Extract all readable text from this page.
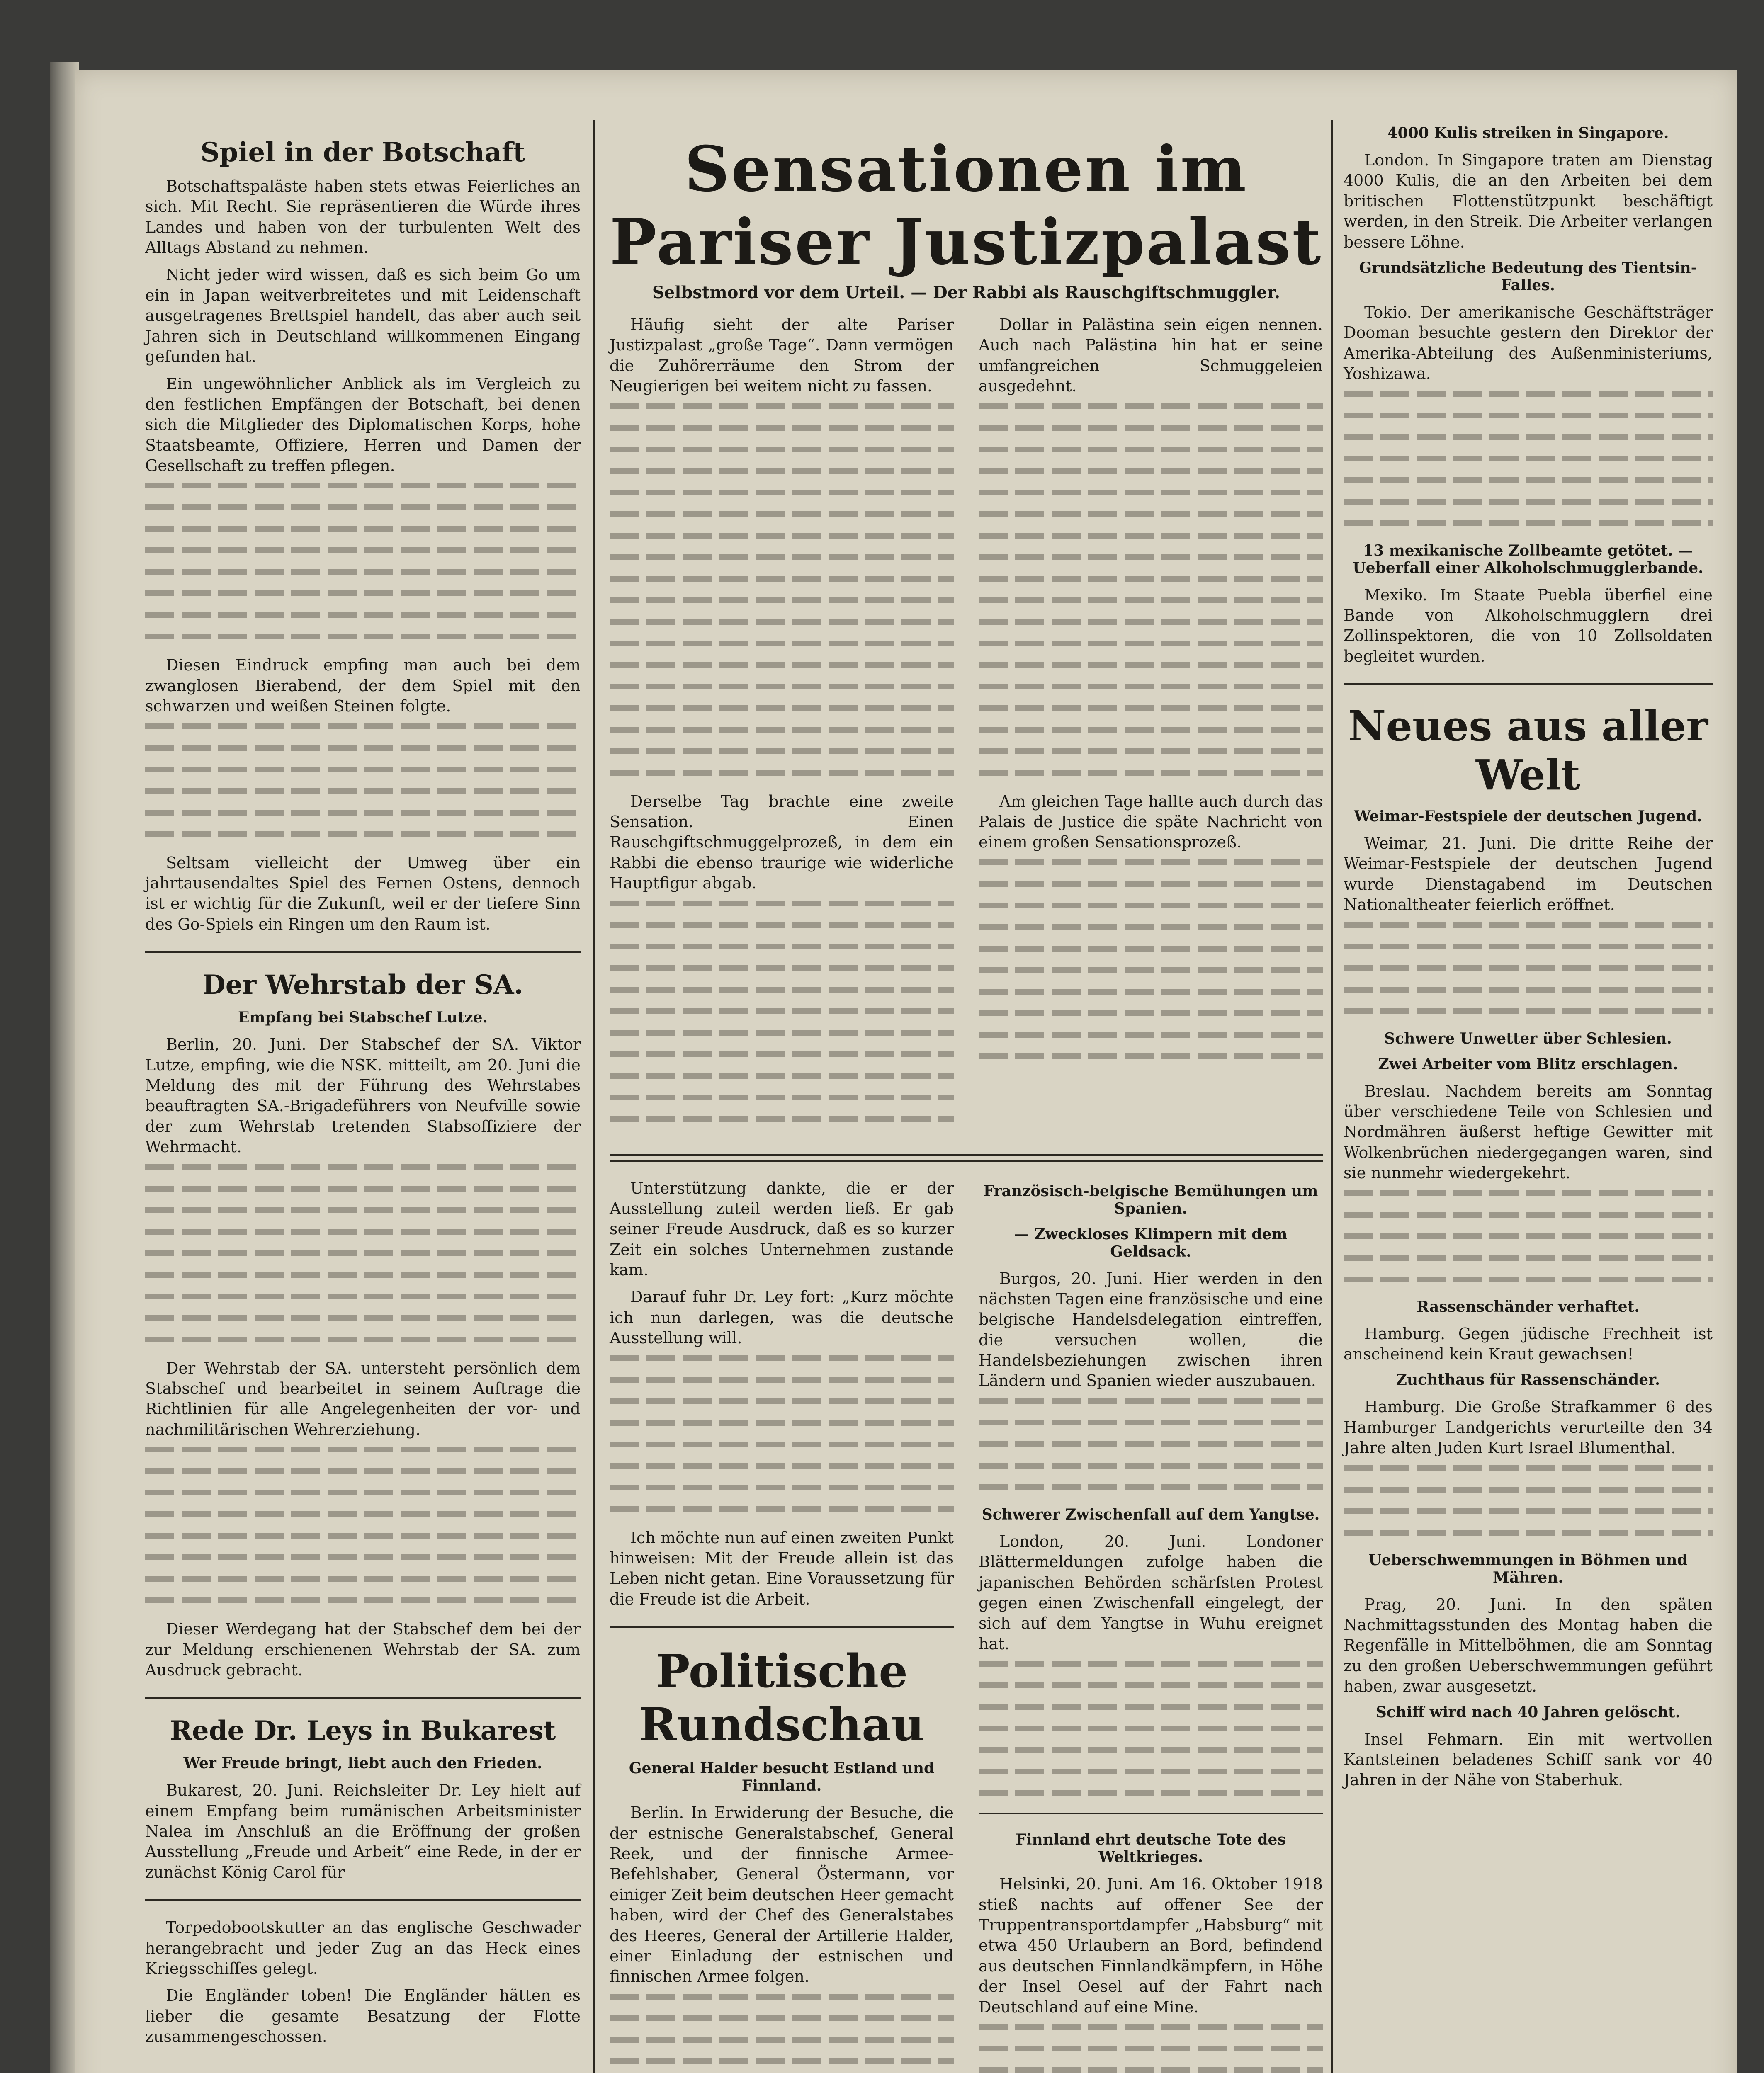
Spiel in der Botschaft

Botschaftspaläste haben stets etwas Feierliches an sich. Mit Recht. Sie repräsentieren die Würde ihres Landes und haben von der turbulenten Welt des Alltags Abstand zu nehmen.

Nicht jeder wird wissen, daß es sich beim Go um ein in Japan weitverbreitetes und mit Leidenschaft ausgetragenes Brettspiel handelt, das aber auch seit Jahren sich in Deutschland willkommenen Eingang gefunden hat.

Ein ungewöhnlicher Anblick als im Vergleich zu den festlichen Empfängen der Botschaft, bei denen sich die Mitglieder des Diplomatischen Korps, hohe Staatsbeamte, Offiziere, Herren und Damen der Gesellschaft zu treffen pflegen.

Diesen Eindruck empfing man auch bei dem zwanglosen Bierabend, der dem Spiel mit den schwarzen und weißen Steinen folgte.

Seltsam vielleicht der Umweg über ein jahrtausendaltes Spiel des Fernen Ostens, dennoch ist er wichtig für die Zukunft, weil er der tiefere Sinn des Go-Spiels ein Ringen um den Raum ist.

Der Wehrstab der SA.
Empfang bei Stabschef Lutze.

Berlin, 20. Juni. Der Stabschef der SA. Viktor Lutze, empfing, wie die NSK. mitteilt, am 20. Juni die Meldung des mit der Führung des Wehrstabes beauftragten SA.-Brigadeführers von Neufville sowie der zum Wehrstab tretenden Stabsoffiziere der Wehrmacht.

Der Wehrstab der SA. untersteht persönlich dem Stabschef und bearbeitet in seinem Auftrage die Richtlinien für alle Angelegenheiten der vor- und nachmilitärischen Wehrerziehung.

Dieser Werdegang hat der Stabschef dem bei der zur Meldung erschienenen Wehrstab der SA. zum Ausdruck gebracht.

Rede Dr. Leys in Bukarest
Wer Freude bringt, liebt auch den Frieden.

Bukarest, 20. Juni. Reichsleiter Dr. Ley hielt auf einem Empfang beim rumänischen Arbeitsminister Nalea im Anschluß an die Eröffnung der großen Ausstellung „Freude und Arbeit“ eine Rede, in der er zunächst König Carol für

Torpedobootskutter an das englische Geschwader herangebracht und jeder Zug an das Heck eines Kriegsschiffes gelegt.

Die Engländer toben! Die Engländer hätten es lieber die gesamte Besatzung der Flotte zusammengeschossen.

Sensationen im Pariser Justizpalast
Selbstmord vor dem Urteil. — Der Rabbi als Rauschgiftschmuggler.

Häufig sieht der alte Pariser Justizpalast „große Tage“. Dann vermögen die Zuhörerräume den Strom der Neugierigen bei weitem nicht zu fassen.

Derselbe Tag brachte eine zweite Sensation. Einen Rauschgiftschmuggelprozeß, in dem ein Rabbi die ebenso traurige wie widerliche Hauptfigur abgab.

Dollar in Palästina sein eigen nennen. Auch nach Palästina hin hat er seine umfangreichen Schmuggeleien ausgedehnt.

Am gleichen Tage hallte auch durch das Palais de Justice die späte Nachricht von einem großen Sensationsprozeß.

Unterstützung dankte, die er der Ausstellung zuteil werden ließ. Er gab seiner Freude Ausdruck, daß es so kurzer Zeit ein solches Unternehmen zustande kam.

Darauf fuhr Dr. Ley fort: „Kurz möchte ich nun darlegen, was die deutsche Ausstellung will.

Ich möchte nun auf einen zweiten Punkt hinweisen: Mit der Freude allein ist das Leben nicht getan. Eine Voraussetzung für die Freude ist die Arbeit.

Politische Rundschau
General Halder besucht Estland und Finnland.

Berlin. In Erwiderung der Besuche, die der estnische Generalstabschef, General Reek, und der finnische Armee-Befehlshaber, General Östermann, vor einiger Zeit beim deutschen Heer gemacht haben, wird der Chef des Generalstabes des Heeres, General der Artillerie Halder, einer Einladung der estnischen und finnischen Armee folgen.

Französisch-belgische Bemühungen um Spanien.
— Zweckloses Klimpern mit dem Geldsack.

Burgos, 20. Juni. Hier werden in den nächsten Tagen eine französische und eine belgische Handelsdelegation eintreffen, die versuchen wollen, die Handelsbeziehungen zwischen ihren Ländern und Spanien wieder auszubauen.

Schwerer Zwischenfall auf dem Yangtse.

London, 20. Juni. Londoner Blättermeldungen zufolge haben die japanischen Behörden schärfsten Protest gegen einen Zwischenfall eingelegt, der sich auf dem Yangtse in Wuhu ereignet hat.

Finnland ehrt deutsche Tote des Weltkrieges.

Helsinki, 20. Juni. Am 16. Oktober 1918 stieß nachts auf offener See der Truppentransportdampfer „Habsburg“ mit etwa 450 Urlaubern an Bord, befindend aus deutschen Finnlandkämpfern, in Höhe der Insel Oesel auf der Fahrt nach Deutschland auf eine Mine.

4000 Kulis streiken in Singapore.

London. In Singapore traten am Dienstag 4000 Kulis, die an den Arbeiten bei dem britischen Flottenstützpunkt beschäftigt werden, in den Streik. Die Arbeiter verlangen bessere Löhne.

Grundsätzliche Bedeutung des Tientsin-Falles.

Tokio. Der amerikanische Geschäftsträger Dooman besuchte gestern den Direktor der Amerika-Abteilung des Außenministeriums, Yoshizawa.

13 mexikanische Zollbeamte getötet. — Ueberfall einer Alkoholschmugglerbande.

Mexiko. Im Staate Puebla überfiel eine Bande von Alkoholschmugglern drei Zollinspektoren, die von 10 Zollsoldaten begleitet wurden.

Neues aus aller Welt
Weimar-Festspiele der deutschen Jugend.

Weimar, 21. Juni. Die dritte Reihe der Weimar-Festspiele der deutschen Jugend wurde Dienstagabend im Deutschen Nationaltheater feierlich eröffnet.

Schwere Unwetter über Schlesien.
Zwei Arbeiter vom Blitz erschlagen.

Breslau. Nachdem bereits am Sonntag über verschiedene Teile von Schlesien und Nordmähren äußerst heftige Gewitter mit Wolkenbrüchen niedergegangen waren, sind sie nunmehr wiedergekehrt.

Rassenschänder verhaftet.

Hamburg. Gegen jüdische Frechheit ist anscheinend kein Kraut gewachsen!

Zuchthaus für Rassenschänder.

Hamburg. Die Große Strafkammer 6 des Hamburger Landgerichts verurteilte den 34 Jahre alten Juden Kurt Israel Blumenthal.

Ueberschwemmungen in Böhmen und Mähren.

Prag, 20. Juni. In den späten Nachmittagsstunden des Montag haben die Regenfälle in Mittelböhmen, die am Sonntag zu den großen Ueberschwemmungen geführt haben, zwar ausgesetzt.

Schiff wird nach 40 Jahren gelöscht.

Insel Fehmarn. Ein mit wertvollen Kantsteinen beladenes Schiff sank vor 40 Jahren in der Nähe von Staberhuk.
